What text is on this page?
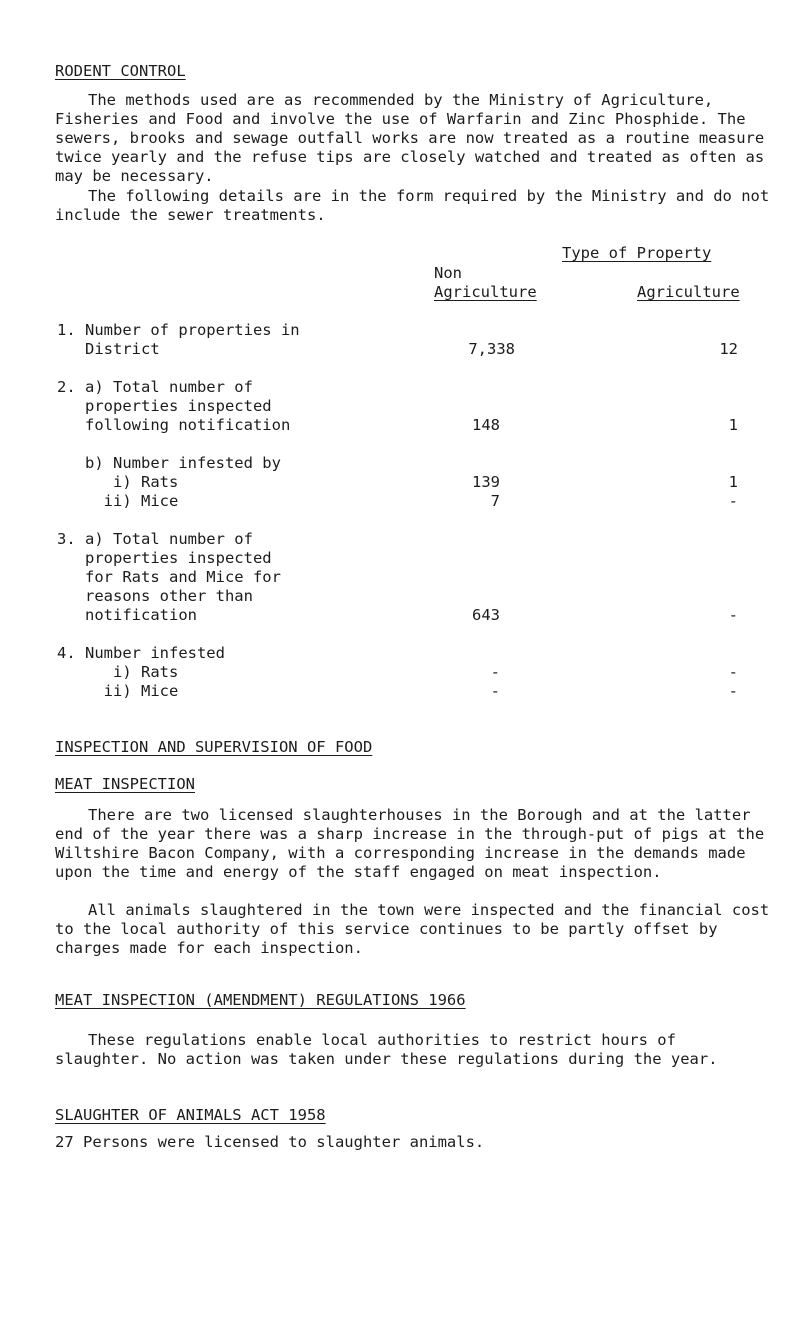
RODENT CONTROL

The methods used are as recommended by the Ministry of Agriculture, Fisheries and Food and involve the use of Warfarin and Zinc Phosphide. The sewers, brooks and sewage outfall works are now treated as a routine measure twice yearly and the refuse tips are closely watched and treated as often as may be necessary.

The following details are in the form required by the Ministry and do not include the sewer treatments.

Type of Property
Non
Agriculture	Agriculture
1. Number of properties in
District	7,338	12
2. a) Total number of
properties inspected
following notification	148	1
b) Number infested by
i) Rats	139	1
ii) Mice	7	-
3. a) Total number of
properties inspected
for Rats and Mice for
reasons other than
notification	643	-
4. Number infested
i) Rats	-	-
ii) Mice	-	-
INSPECTION AND SUPERVISION OF FOOD
MEAT INSPECTION

There are two licensed slaughterhouses in the Borough and at the latter end of the year there was a sharp increase in the through-put of pigs at the Wiltshire Bacon Company, with a corresponding increase in the demands made upon the time and energy of the staff engaged on meat inspection.

All animals slaughtered in the town were inspected and the financial cost to the local authority of this service continues to be partly offset by charges made for each inspection.

MEAT INSPECTION (AMENDMENT) REGULATIONS 1966

These regulations enable local authorities to restrict hours of slaughter. No action was taken under these regulations during the year.

SLAUGHTER OF ANIMALS ACT 1958
27 Persons were licensed to slaughter animals.
